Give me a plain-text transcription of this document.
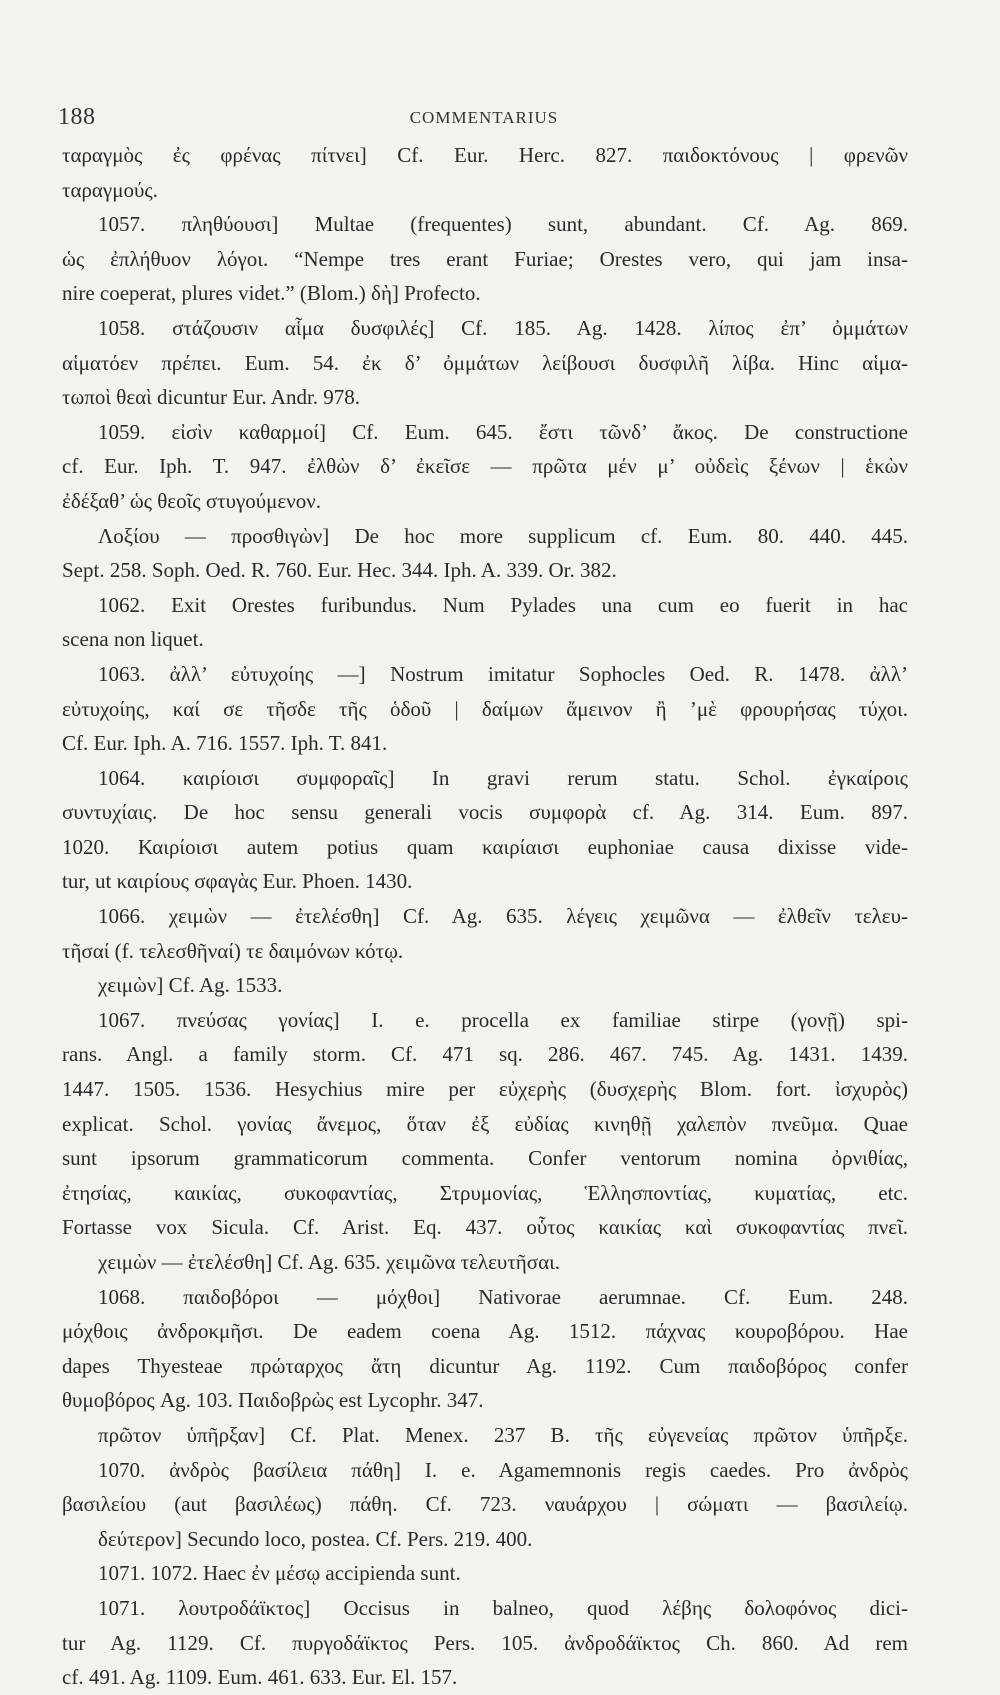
188	COMMENTARIUS
ταραγμὸς ἐς φρένας πίτνει] Cf. Eur. Herc. 827. παιδοκτόνους | φρενῶν
ταραγμούς.
1057. πληθύουσι] Multae (frequentes) sunt, abundant. Cf. Ag. 869.
ὡς ἐπλήθυον λόγοι. “Nempe tres erant Furiae; Orestes vero, qui jam insa-
nire coeperat, plures videt.” (Blom.) δὴ] Profecto.
1058. στάζουσιν αἷμα δυσφιλές] Cf. 185. Ag. 1428. λίπος ἐπ’ ὀμμάτων
αἱματόεν πρέπει. Eum. 54. ἐκ δ’ ὀμμάτων λείβουσι δυσφιλῆ λίβα. Hinc αἱμα-
τωποὶ θεαὶ dicuntur Eur. Andr. 978.
1059. εἰσὶν καθαρμοί] Cf. Eum. 645. ἔστι τῶνδ’ ἄκος. De constructione
cf. Eur. Iph. T. 947. ἐλθὼν δ’ ἐκεῖσε — πρῶτα μέν μ’ οὐδεὶς ξένων | ἑκὼν
ἐδέξαθ’ ὡς θεοῖς στυγούμενον.
Λοξίου — προσθιγὼν] De hoc more supplicum cf. Eum. 80. 440. 445.
Sept. 258. Soph. Oed. R. 760. Eur. Hec. 344. Iph. A. 339. Or. 382.
1062. Exit Orestes furibundus. Num Pylades una cum eo fuerit in hac
scena non liquet.
1063. ἀλλ’ εὐτυχοίης —] Nostrum imitatur Sophocles Oed. R. 1478. ἀλλ’
εὐτυχοίης, καί σε τῆσδε τῆς ὁδοῦ | δαίμων ἄμεινον ἢ ’μὲ φρουρήσας τύχοι.
Cf. Eur. Iph. A. 716. 1557. Iph. T. 841.
1064. καιρίοισι συμφοραῖς] In gravi rerum statu. Schol. ἐγκαίροις
συντυχίαις. De hoc sensu generali vocis συμφορὰ cf. Ag. 314. Eum. 897.
1020. Καιρίοισι autem potius quam καιρίαισι euphoniae causa dixisse vide-
tur, ut καιρίους σφαγὰς Eur. Phoen. 1430.
1066. χειμὼν — ἐτελέσθη] Cf. Ag. 635. λέγεις χειμῶνα — ἐλθεῖν τελευ-
τῆσαί (f. τελεσθῆναί) τε δαιμόνων κότῳ.
χειμὼν] Cf. Ag. 1533.
1067. πνεύσας γονίας] I. e. procella ex familiae stirpe (γονῇ) spi-
rans. Angl. a family storm. Cf. 471 sq. 286. 467. 745. Ag. 1431. 1439.
1447. 1505. 1536. Hesychius mire per εὐχερὴς (δυσχερὴς Blom. fort. ἰσχυρὸς)
explicat. Schol. γονίας ἄνεμος, ὅταν ἐξ εὐδίας κινηθῇ χαλεπὸν πνεῦμα. Quae
sunt ipsorum grammaticorum commenta. Confer ventorum nomina ὀρνιθίας,
ἐτησίας, καικίας, συκοφαντίας, Στρυμονίας, Ἑλλησποντίας, κυματίας, etc.
Fortasse vox Sicula. Cf. Arist. Eq. 437. οὗτος καικίας καὶ συκοφαντίας πνεῖ.
χειμὼν — ἐτελέσθη] Cf. Ag. 635. χειμῶνα τελευτῆσαι.
1068. παιδοβόροι — μόχθοι] Nativorae aerumnae. Cf. Eum. 248.
μόχθοις ἀνδροκμῆσι. De eadem coena Ag. 1512. πάχνας κουροβόρου. Hae
dapes Thyesteae πρώταρχος ἄτη dicuntur Ag. 1192. Cum παιδοβόρος confer
θυμοβόρος Ag. 103. Παιδοβρὼς est Lycophr. 347.
πρῶτον ὑπῆρξαν] Cf. Plat. Menex. 237 B. τῆς εὐγενείας πρῶτον ὑπῆρξε.
1070. ἀνδρὸς βασίλεια πάθη] I. e. Agamemnonis regis caedes. Pro ἀνδρὸς
βασιλείου (aut βασιλέως) πάθη. Cf. 723. ναυάρχου | σώματι — βασιλείῳ.
δεύτερον] Secundo loco, postea. Cf. Pers. 219. 400.
1071. 1072. Haec ἐν μέσῳ accipienda sunt.
1071. λουτροδάϊκτος] Occisus in balneo, quod λέβης δολοφόνος dici-
tur Ag. 1129. Cf. πυργοδάϊκτος Pers. 105. ἀνδροδάϊκτος Ch. 860. Ad rem
cf. 491. Ag. 1109. Eum. 461. 633. Eur. El. 157.
